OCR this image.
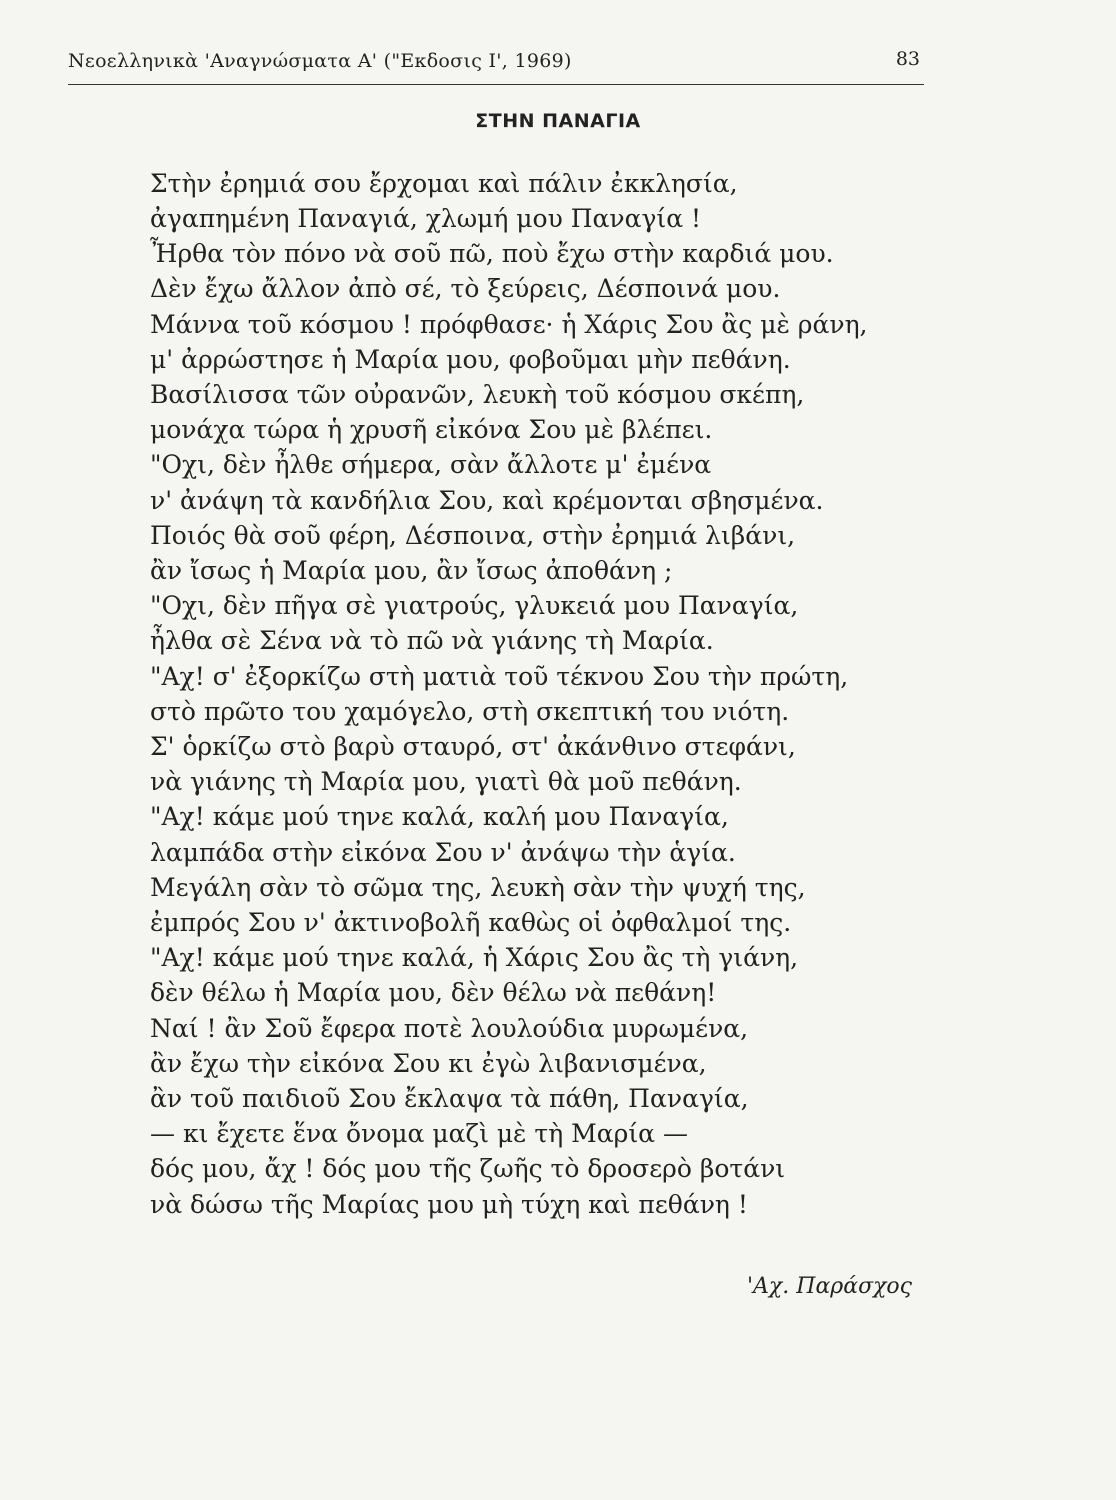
Νεοελληνικὰ 'Αναγνώσματα Α' ("Εκδοσις Ι', 1969)	83
ΣΤΗΝ ΠΑΝΑΓΙΑ
Στὴν ἐρημιά σου ἔρχομαι καὶ πάλιν ἐκκλησία,
ἀγαπημένη Παναγιά, χλωμή μου Παναγία !
Ἦρθα τὸν πόνο νὰ σοῦ πῶ, ποὺ ἔχω στὴν καρδιά μου.
Δὲν ἔχω ἄλλον ἀπὸ σέ, τὸ ξεύρεις, Δέσποινά μου.
Μάννα τοῦ κόσμου ! πρόφθασε· ἡ Χάρις Σου ἂς μὲ ράνη,
μ' ἀρρώστησε ἡ Μαρία μου, φοβοῦμαι μὴν πεθάνη.
Βασίλισσα τῶν οὐρανῶν, λευκὴ τοῦ κόσμου σκέπη,
μονάχα τώρα ἡ χρυσῆ εἰκόνα Σου μὲ βλέπει.
"Οχι, δὲν ἦλθε σήμερα, σὰν ἄλλοτε μ' ἐμένα
ν' ἀνάψη τὰ κανδήλια Σου, καὶ κρέμονται σβησμένα.
Ποιός θὰ σοῦ φέρη, Δέσποινα, στὴν ἐρημιά λιβάνι,
ἂν ἴσως ἡ Μαρία μου, ἂν ἴσως ἀποθάνη ;
"Οχι, δὲν πῆγα σὲ γιατρούς, γλυκειά μου Παναγία,
ἦλθα σὲ Σένα νὰ τὸ πῶ νὰ γιάνης τὴ Μαρία.
"Αχ! σ' ἐξορκίζω στὴ ματιὰ τοῦ τέκνου Σου τὴν πρώτη,
στὸ πρῶτο του χαμόγελο, στὴ σκεπτική του νιότη.
Σ' ὁρκίζω στὸ βαρὺ σταυρό, στ' ἀκάνθινο στεφάνι,
νὰ γιάνης τὴ Μαρία μου, γιατὶ θὰ μοῦ πεθάνη.
"Αχ! κάμε μού τηνε καλά, καλή μου Παναγία,
λαμπάδα στὴν εἰκόνα Σου ν' ἀνάψω τὴν ἁγία.
Μεγάλη σὰν τὸ σῶμα της, λευκὴ σὰν τὴν ψυχή της,
ἐμπρός Σου ν' ἀκτινοβολῆ καθὼς οἱ ὀφθαλμοί της.
"Αχ! κάμε μού τηνε καλά, ἡ Χάρις Σου ἂς τὴ γιάνη,
δὲν θέλω ἡ Μαρία μου, δὲν θέλω νὰ πεθάνη!
Ναί ! ἂν Σοῦ ἔφερα ποτὲ λουλούδια μυρωμένα,
ἂν ἔχω τὴν εἰκόνα Σου κι ἐγὼ λιβανισμένα,
ἂν τοῦ παιδιοῦ Σου ἔκλαψα τὰ πάθη, Παναγία,
— κι ἔχετε ἕνα ὄνομα μαζὶ μὲ τὴ Μαρία —
δός μου, ἄχ ! δός μου τῆς ζωῆς τὸ δροσερὸ βοτάνι
νὰ δώσω τῆς Μαρίας μου μὴ τύχη καὶ πεθάνη !
'Αχ. Παράσχος
